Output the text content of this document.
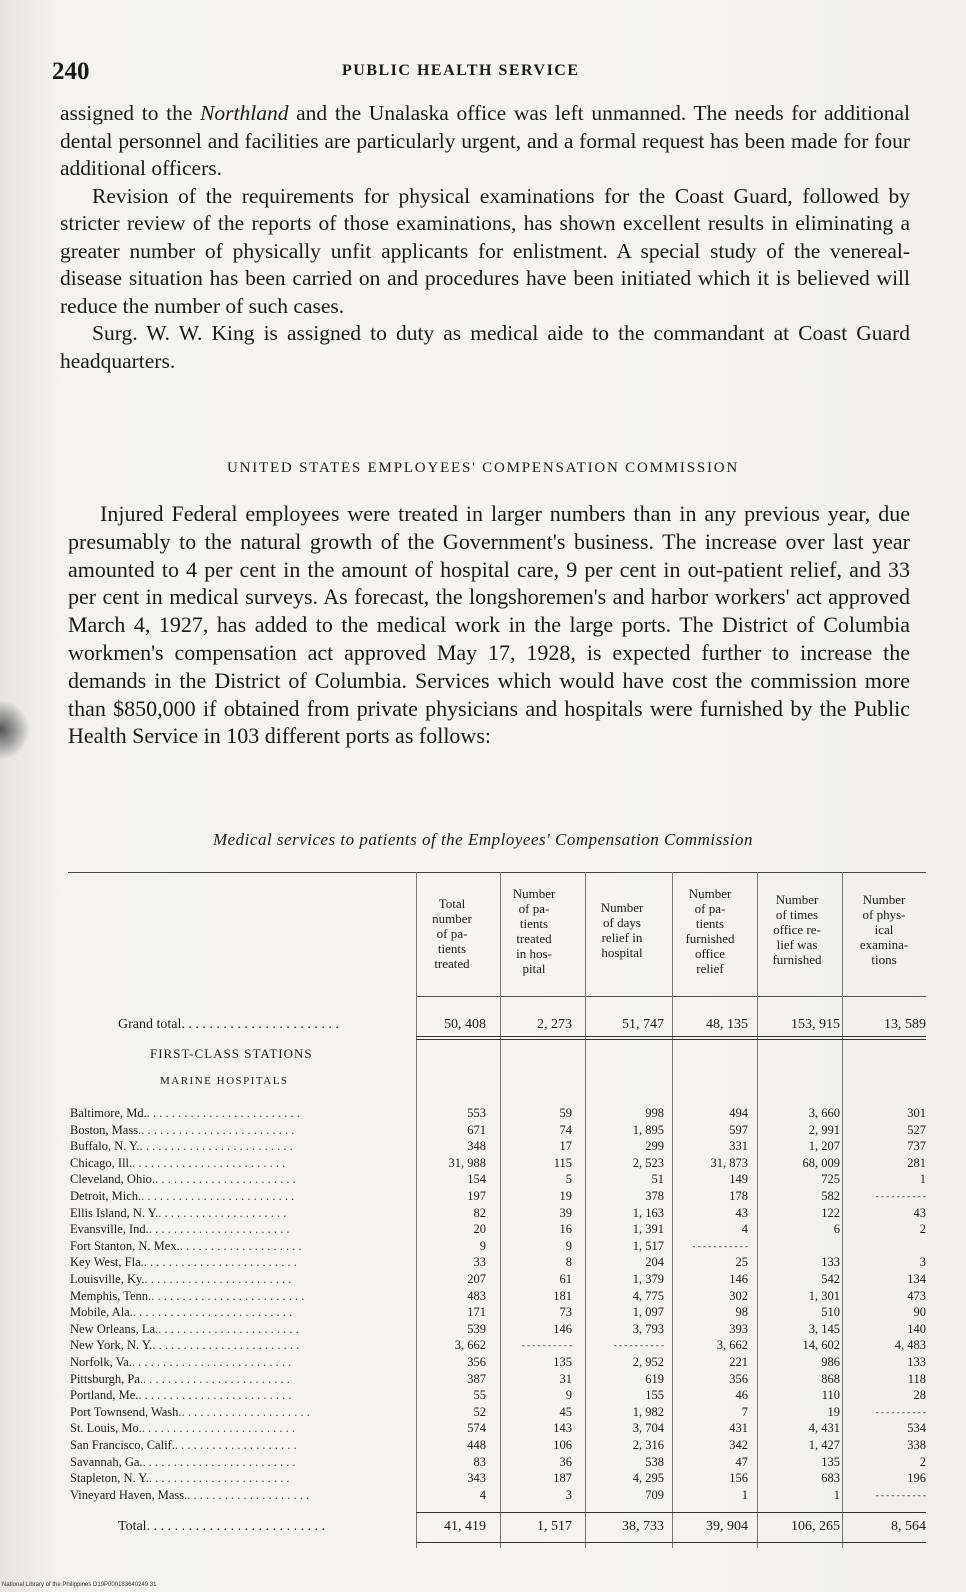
240	PUBLIC HEALTH SERVICE

assigned to the Northland and the Unalaska office was left unmanned. The needs for additional dental personnel and facilities are particularly urgent, and a formal request has been made for four additional officers.

Revision of the requirements for physical examinations for the Coast Guard, followed by stricter review of the reports of those examinations, has shown excellent results in eliminating a greater number of physically unfit applicants for enlistment. A special study of the venereal-disease situation has been carried on and procedures have been initiated which it is believed will reduce the number of such cases.

Surg. W. W. King is assigned to duty as medical aide to the commandant at Coast Guard headquarters.

UNITED STATES EMPLOYEES' COMPENSATION COMMISSION

Injured Federal employees were treated in larger numbers than in any previous year, due presumably to the natural growth of the Government's business. The increase over last year amounted to 4 per cent in the amount of hospital care, 9 per cent in out-patient relief, and 33 per cent in medical surveys. As forecast, the longshoremen's and harbor workers' act approved March 4, 1927, has added to the medical work in the large ports. The District of Columbia workmen's compensation act approved May 17, 1928, is expected further to increase the demands in the District of Columbia. Services which would have cost the commission more than $850,000 if obtained from private physicians and hospitals were furnished by the Public Health Service in 103 different ports as follows:

Medical services to patients of the Employees' Compensation Commission
Total
number
of pa-
tients
treated
Number
of pa-
tients
treated
in hos-
pital
Number
of days
relief in
hospital
Number
of pa-
tients
furnished
office
relief
Number
of times
office re-
lief was
furnished
Number
of phys-
ical
examina-
tions
Grand total. . . . . . . . . . . . . . . . . . . . . . .	50, 408	2, 273	51, 747	48, 135	153, 915	13, 589
FIRST-CLASS STATIONS
MARINE HOSPITALS
Baltimore, Md.. . . . . . . . . . . . . . . . . . . . . . . . .	553	59	998	494	3, 660	301
Boston, Mass.. . . . . . . . . . . . . . . . . . . . . . . . .	671	74	1, 895	597	2, 991	527
Buffalo, N. Y.. . . . . . . . . . . . . . . . . . . . . . . . .	348	17	299	331	1, 207	737
Chicago, Ill.. . . . . . . . . . . . . . . . . . . . . . . . .	31, 988	115	2, 523	31, 873	68, 009	281
Cleveland, Ohio.. . . . . . . . . . . . . . . . . . . . . . .	154	5	51	149	725	1
Detroit, Mich.. . . . . . . . . . . . . . . . . . . . . . . . .	197	19	378	178	582	- - - - - - - - - -
Ellis Island, N. Y.. . . . . . . . . . . . . . . . . . . . .	82	39	1, 163	43	122	43
Evansville, Ind.. . . . . . . . . . . . . . . . . . . . . . .	20	16	1, 391	4	6	2
Fort Stanton, N. Mex.. . . . . . . . . . . . . . . . . . . .	9	9	1, 517	- - - - - - - - - - -
Key West, Fla.. . . . . . . . . . . . . . . . . . . . . . . . .	33	8	204	25	133	3
Louisville, Ky.. . . . . . . . . . . . . . . . . . . . . . . .	207	61	1, 379	146	542	134
Memphis, Tenn.. . . . . . . . . . . . . . . . . . . . . . . . .	483	181	4, 775	302	1, 301	473
Mobile, Ala.. . . . . . . . . . . . . . . . . . . . . . . . . .	171	73	1, 097	98	510	90
New Orleans, La.. . . . . . . . . . . . . . . . . . . . . . .	539	146	3, 793	393	3, 145	140
New York, N. Y.. . . . . . . . . . . . . . . . . . . . . . . .	3, 662	- - - - - - - - - -	- - - - - - - - - -	3, 662	14, 602	4, 483
Norfolk, Va.. . . . . . . . . . . . . . . . . . . . . . . . . .	356	135	2, 952	221	986	133
Pittsburgh, Pa.. . . . . . . . . . . . . . . . . . . . . . . .	387	31	619	356	868	118
Portland, Me.. . . . . . . . . . . . . . . . . . . . . . . . .	55	9	155	46	110	28
Port Townsend, Wash.. . . . . . . . . . . . . . . . . . . . .	52	45	1, 982	7	19	- - - - - - - - - -
St. Louis, Mo.. . . . . . . . . . . . . . . . . . . . . . . . .	574	143	3, 704	431	4, 431	534
San Francisco, Calif.. . . . . . . . . . . . . . . . . . . .	448	106	2, 316	342	1, 427	338
Savannah, Ga.. . . . . . . . . . . . . . . . . . . . . . . . .	83	36	538	47	135	2
Stapleton, N. Y.. . . . . . . . . . . . . . . . . . . . . . .	343	187	4, 295	156	683	196
Vineyard Haven, Mass.. . . . . . . . . . . . . . . . . . . .	4	3	709	1	1	- - - - - - - - - -
Total. . . . . . . . . . . . . . . . . . . . . . . . . .	41, 419	1, 517	38, 733	39, 904	106, 265	8, 564
National Library of the Philippines D19P000183640249 31
